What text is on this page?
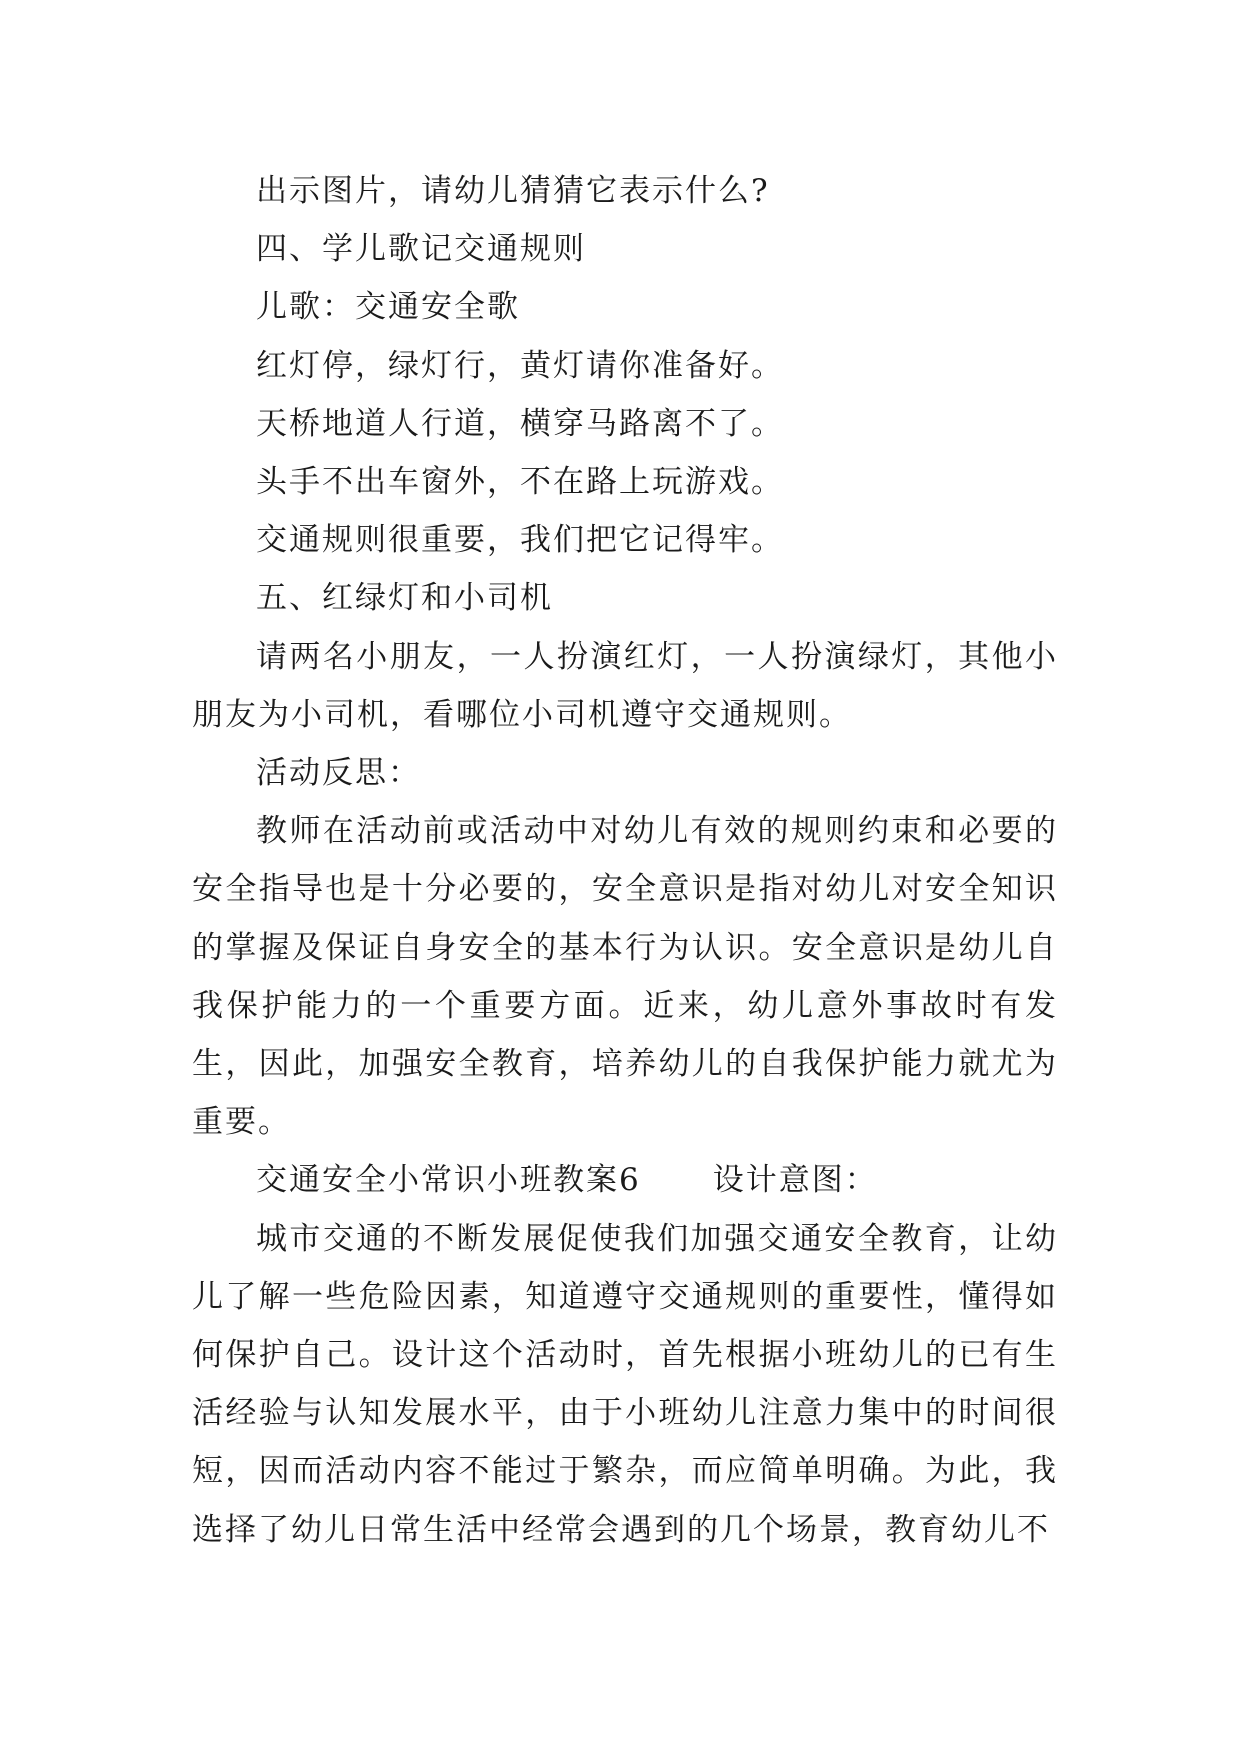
出示图片，请幼儿猜猜它表示什么?

四、学儿歌记交通规则

儿歌：交通安全歌

红灯停，绿灯行，黄灯请你准备好。

天桥地道人行道，横穿马路离不了。

头手不出车窗外，不在路上玩游戏。

交通规则很重要，我们把它记得牢。

五、红绿灯和小司机

请两名小朋友，一人扮演红灯，一人扮演绿灯，其他小朋友为小司机，看哪位小司机遵守交通规则。

活动反思：

教师在活动前或活动中对幼儿有效的规则约束和必要的安全指导也是十分必要的，安全意识是指对幼儿对安全知识的掌握及保证自身安全的基本行为认识。安全意识是幼儿自我保护能力的一个重要方面。近来，幼儿意外事故时有发生，因此，加强安全教育，培养幼儿的自我保护能力就尤为重要。

交通安全小常识小班教案6 设计意图：

城市交通的不断发展促使我们加强交通安全教育，让幼儿了解一些危险因素，知道遵守交通规则的重要性，懂得如何保护自己。设计这个活动时，首先根据小班幼儿的已有生活经验与认知发展水平，由于小班幼儿注意力集中的时间很短，因而活动内容不能过于繁杂，而应简单明确。为此，我选择了幼儿日常生活中经常会遇到的几个场景，教育幼儿不
